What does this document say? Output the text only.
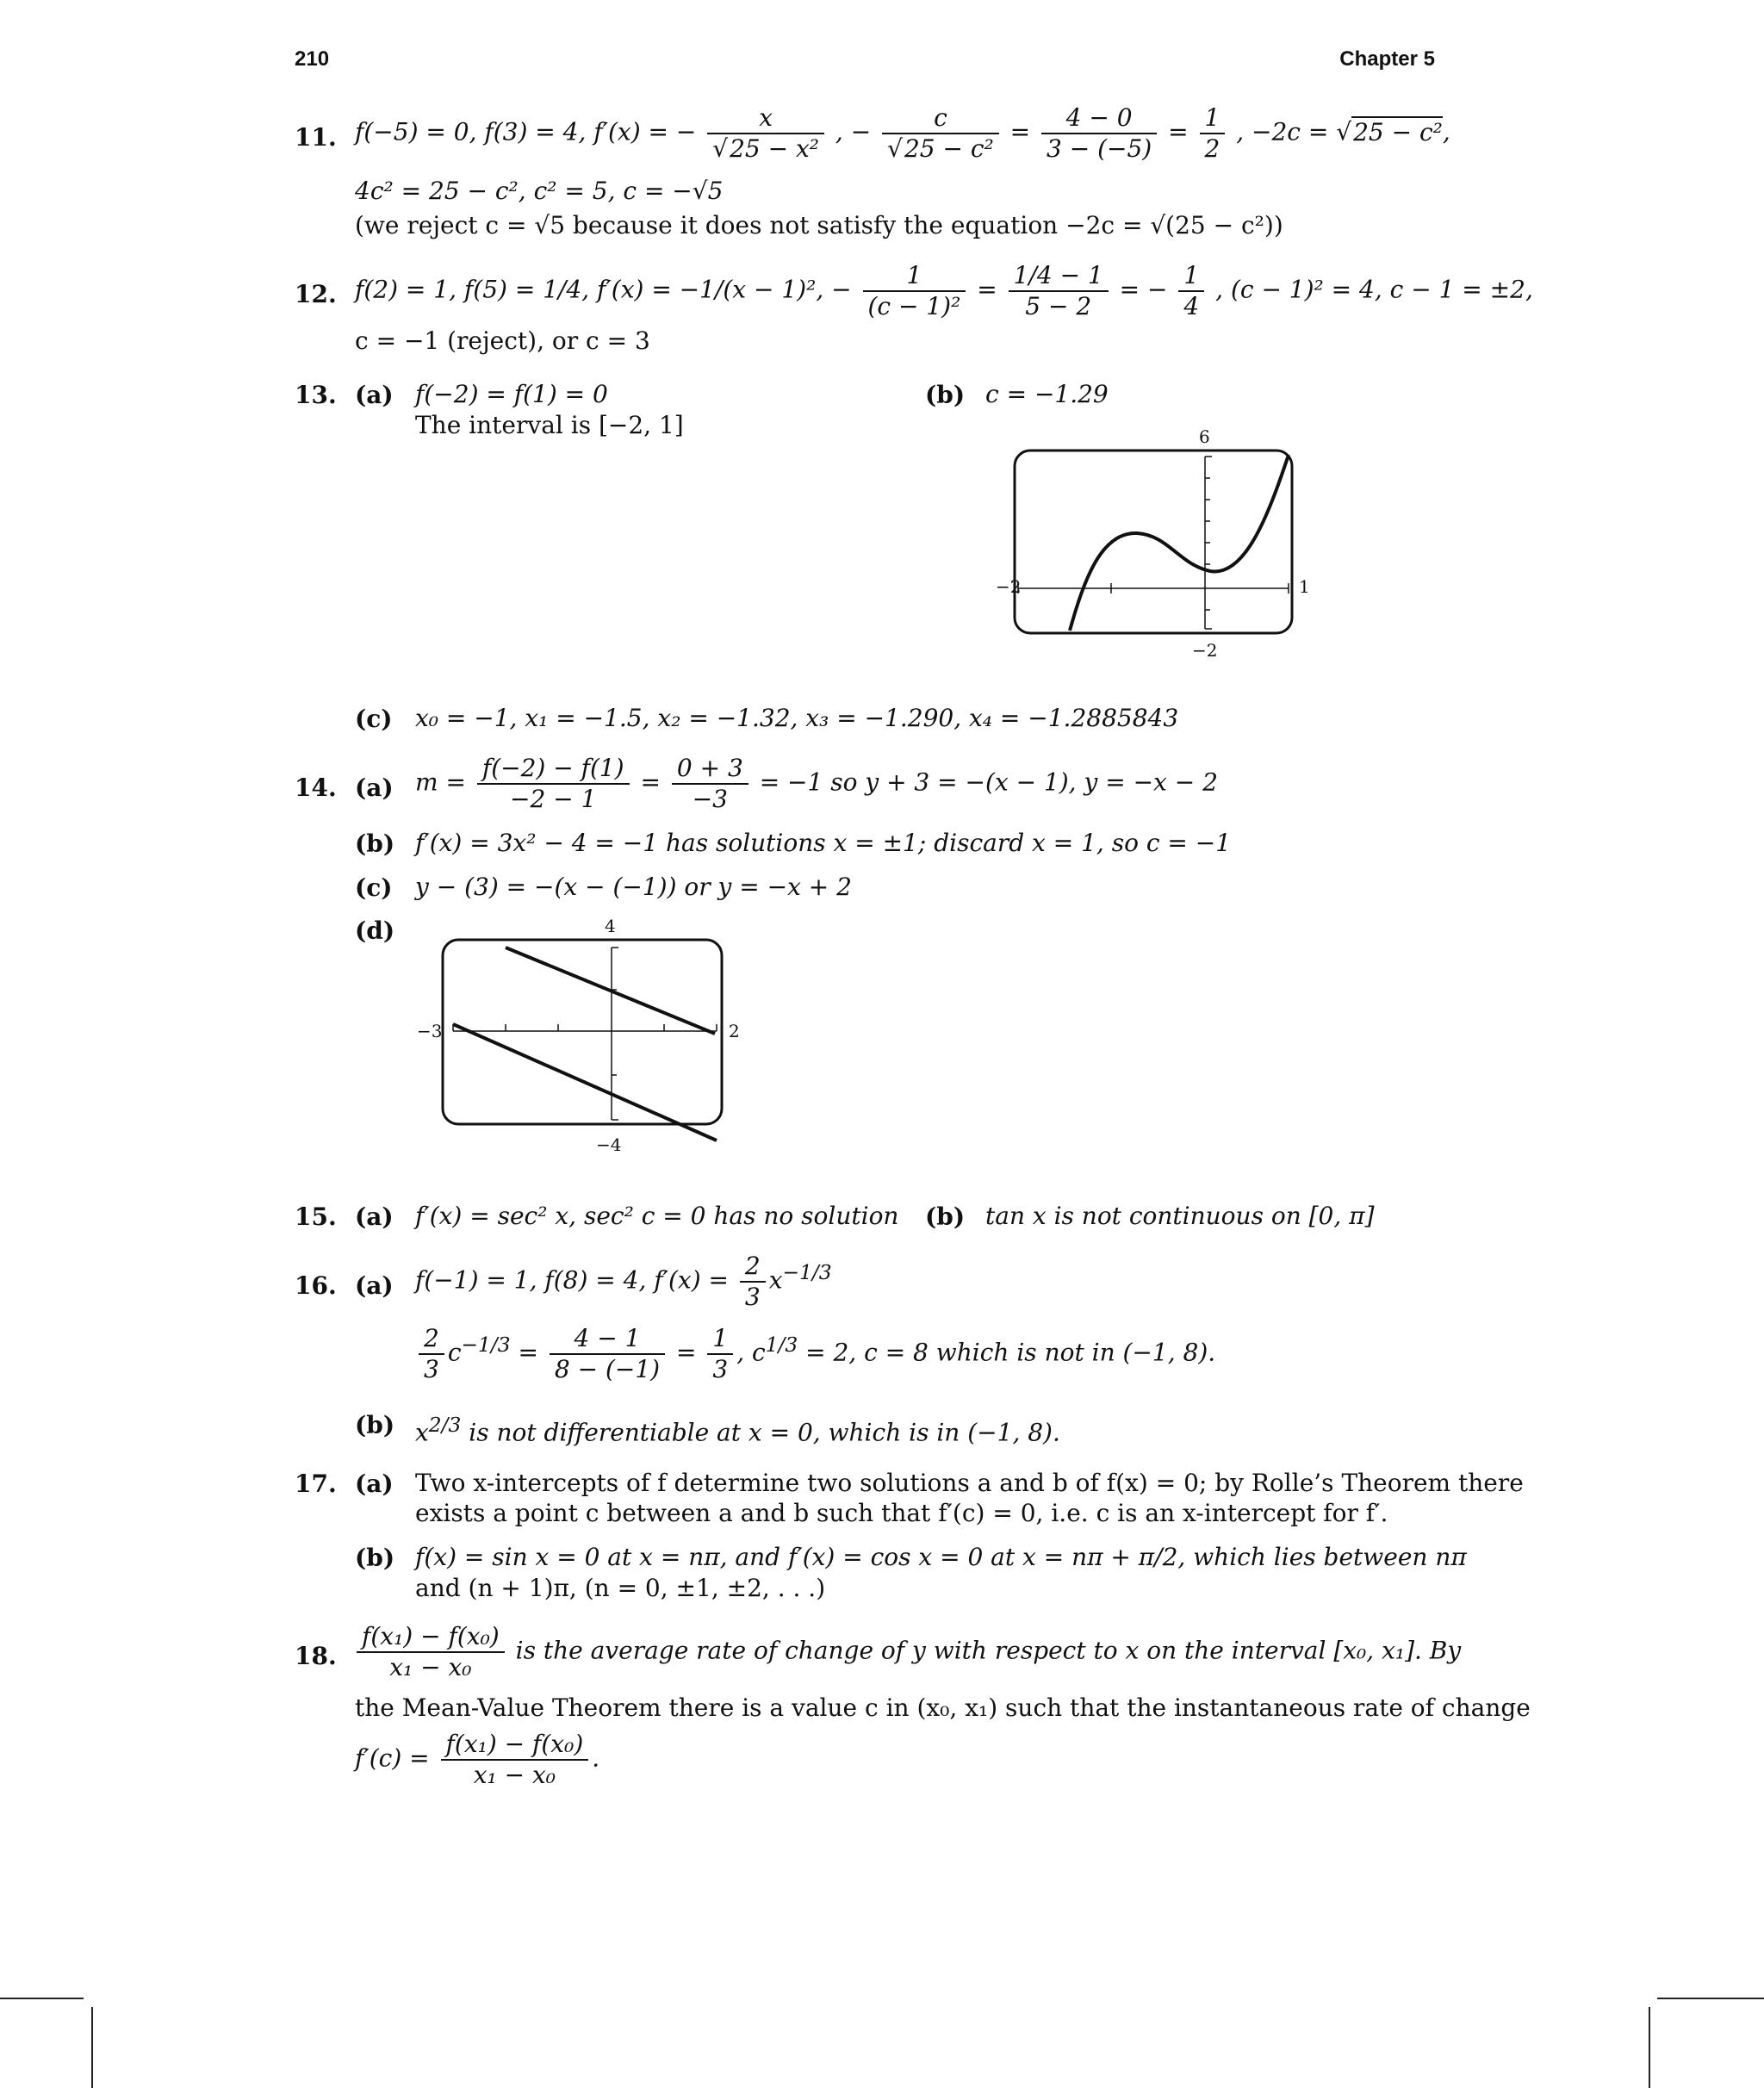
210	Chapter 5
11. f(−5) = 0, f(3) = 4, f′(x) = − $\frac{x}{\text{√25 − x²}}$ , − $\frac{c}{\text{√25 − c²}} = \frac{4 - 0}{3 - (-5)} = \frac{1}{2}$ , −2c = √25 − c²,
4c² = 25 − c², c² = 5, c = −√5
(we reject c = √5 because it does not satisfy the equation −2c = √(25 − c²))
12. f(2) = 1, f(5) = 1/4, f′(x) = −1/(x − 1)², − $\frac{1}{\text{(c − 1)²}} = \frac{1/4 - 1}{5 - 2}$ = − $\frac{1}{4}$ , (c − 1)² = 4, c − 1 = ±2,
c = −1 (reject), or c = 3
13. (a) f(−2) = f(1) = 0
The interval is [−2, 1]
(b) c = −1.29
−2	1
6
−2
(c) x₀ = −1, x₁ = −1.5, x₂ = −1.32, x₃ = −1.290, x₄ = −1.2885843
14. (a) $m = \frac{f(-2) - f(1)}{-2 - 1} = \frac{0 + 3}{-3} = -1$ so y + 3 = −(x − 1), y = −x − 2
(b) f′(x) = 3x² − 4 = −1 has solutions x = ±1; discard x = 1, so c = −1
(c) y − (3) = −(x − (−1)) or y = −x + 2
(d)
−3	2
4
−4
15. (a) f′(x) = sec² x, sec² c = 0 has no solution (b) tan x is not continuous on [0, π]
16. (a) f(−1) = 1, f(8) = 4, $f'(x) = \frac{2}{3} x^{-1/3}$
$\frac{2}{3} c^{-1/3} = \frac{4 - 1}{8 - (-1)} = \frac{1}{3}$ , $c^{1/3} = 2$, c = 8 which is not in (−1, 8).
(b) $x^{2/3}$ is not differentiable at x = 0, which is in (−1, 8).
17. (a) Two x-intercepts of f determine two solutions a and b of f(x) = 0; by Rolle’s Theorem there
exists a point c between a and b such that f′(c) = 0, i.e. c is an x-intercept for f′.
(b) f(x) = sin x = 0 at x = nπ, and f′(x) = cos x = 0 at x = nπ + π/2, which lies between nπ
and (n + 1)π, (n = 0, ±1, ±2, . . .)
18. $\frac{\text{f(x₁) − f(x₀)}}{\text{x₁ − x₀}}$ is the average rate of change of y with respect to x on the interval [x₀, x₁]. By
the Mean-Value Theorem there is a value c in (x₀, x₁) such that the instantaneous rate of change
$f'(c) = \frac{\text{f(x₁) − f(x₀)}}{\text{x₁ − x₀}}$ .
